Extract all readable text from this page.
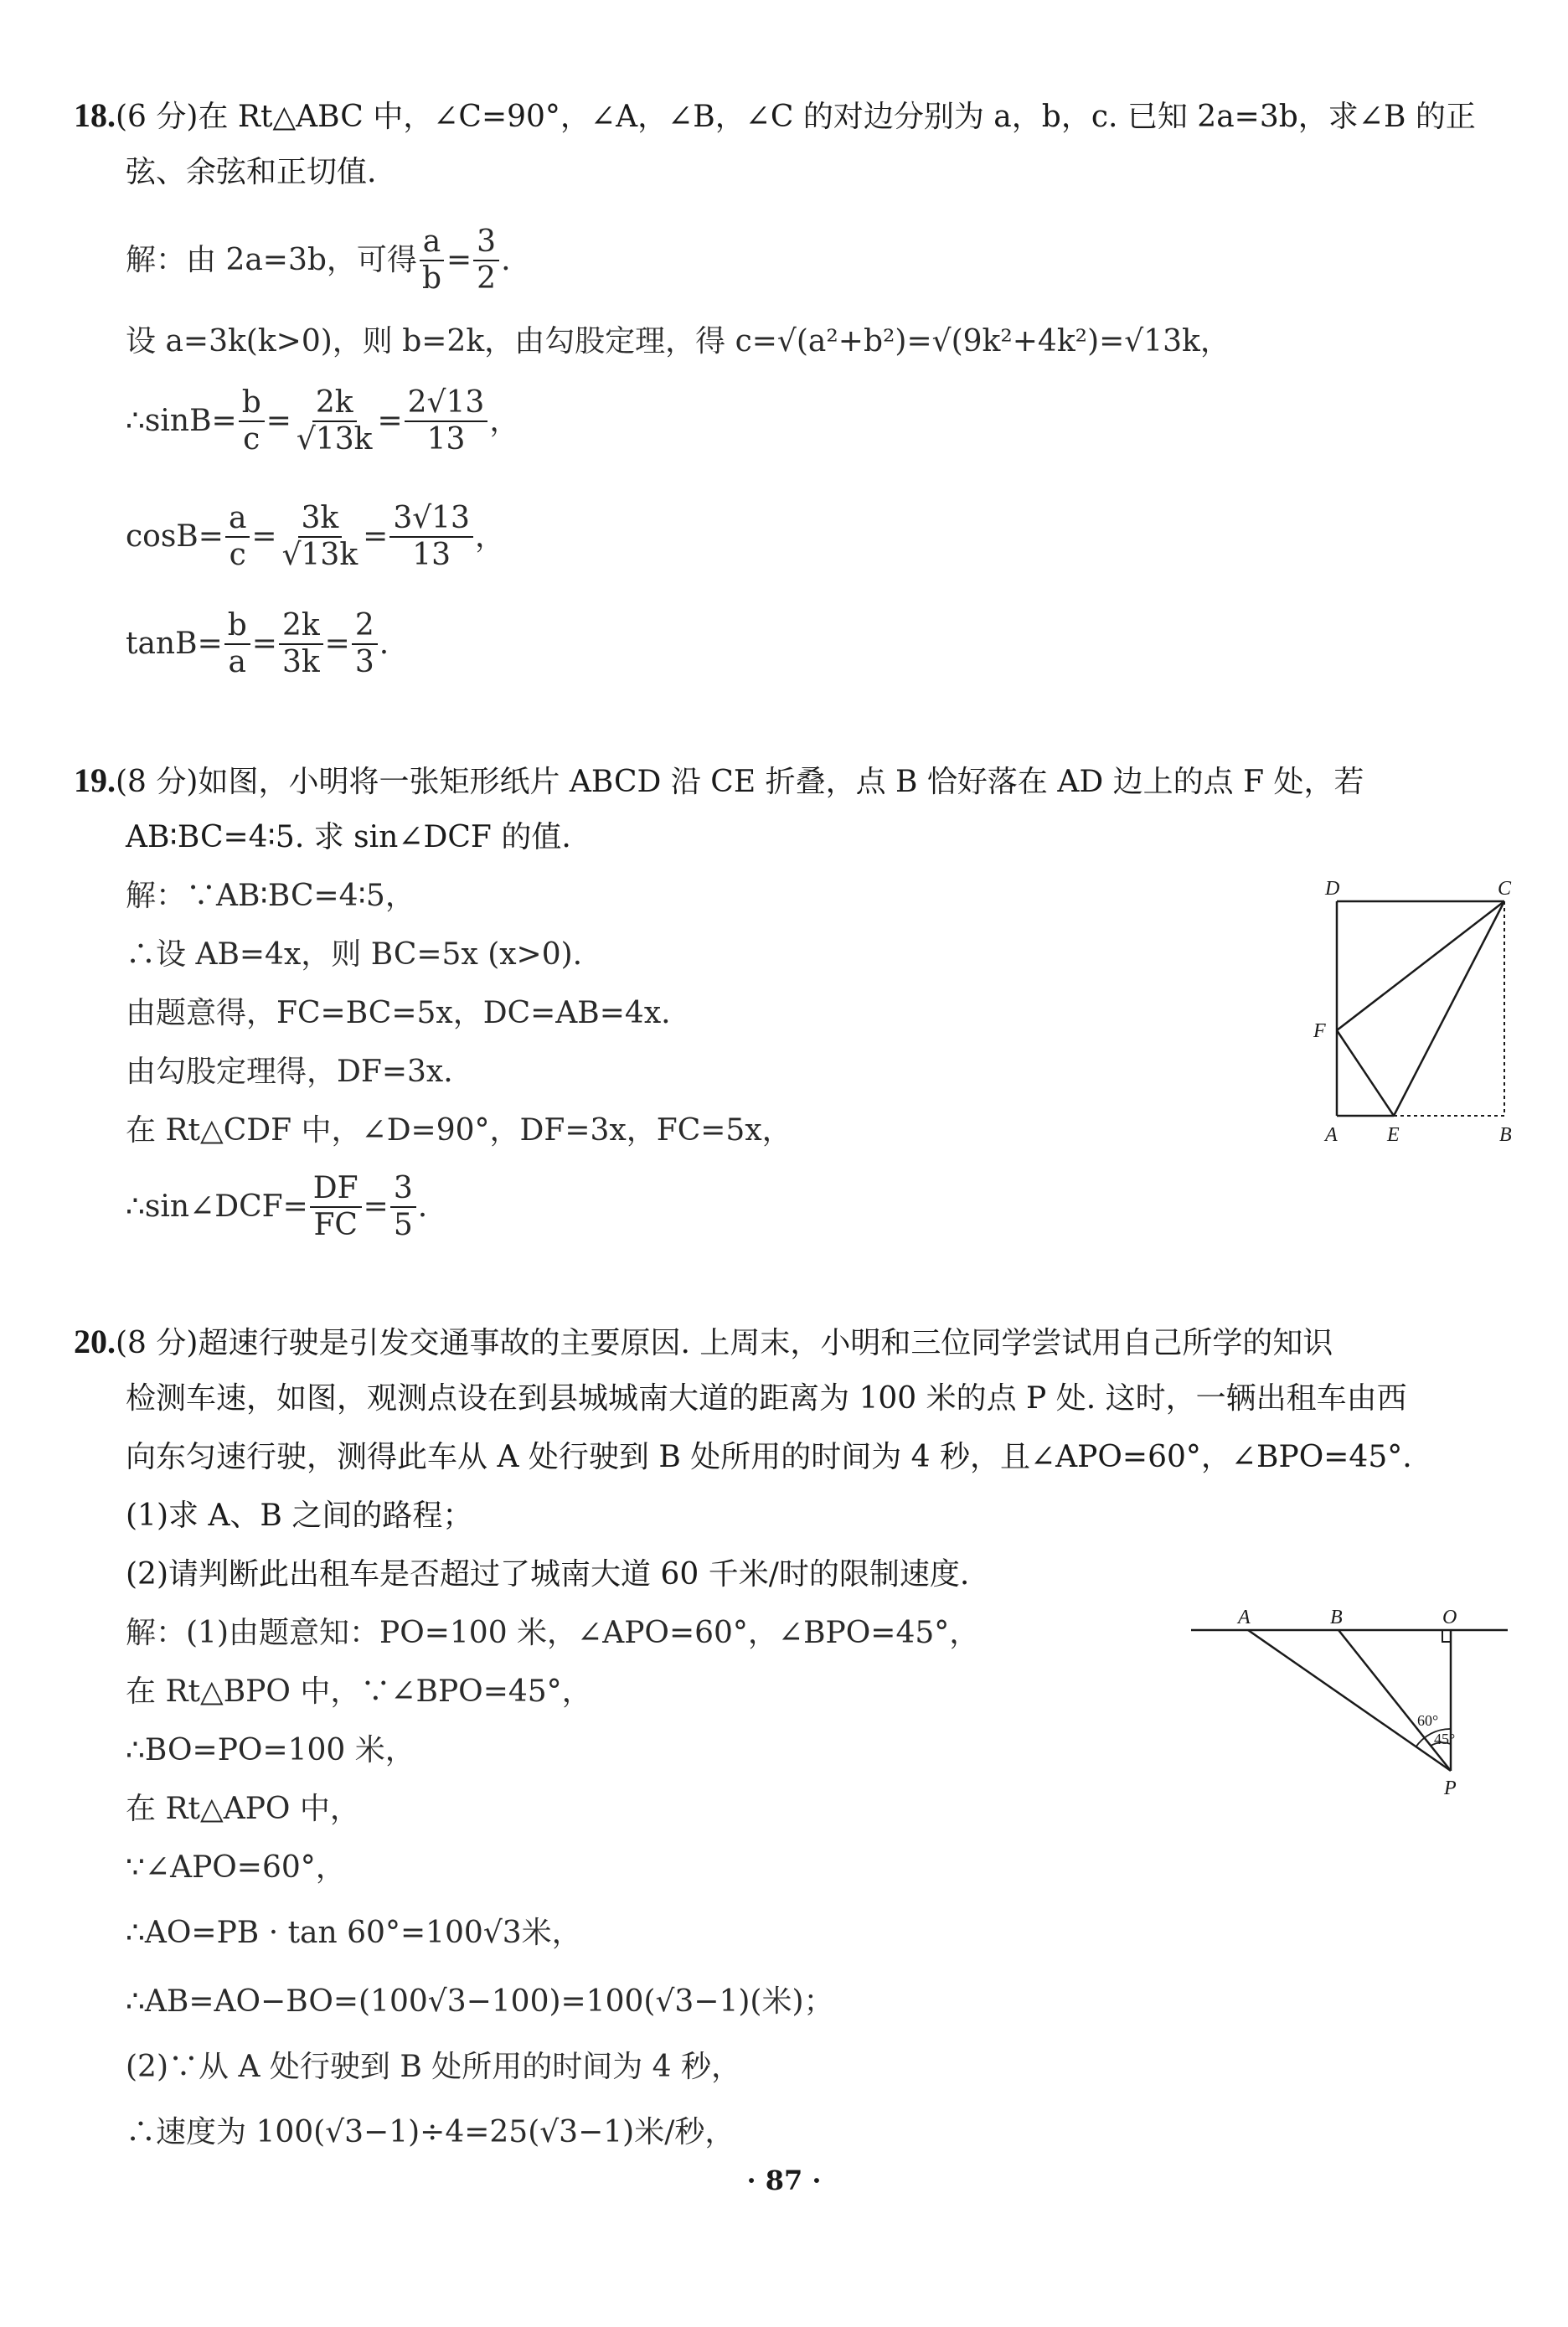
18.(6 分)在 Rt△ABC 中，∠C=90°，∠A，∠B，∠C 的对边分别为 a，b，c. 已知 2a=3b，求∠B 的正
弦、余弦和正切值.
解：由 2a=3b，可得 $\frac{a}{b} = \frac{3}{2}$ .
设 a=3k(k>0)，则 b=2k，由勾股定理，得 c=√(a²+b²)=√(9k²+4k²)=√13k，
∴sinB= $\frac{b}{c} = \frac{2k}{√13k} = \frac{2√13}{13}$ ，
$\cos B= \frac{a}{c} = \frac{3k}{√13k} = \frac{3√13}{13}$ ，
$\tan B= \frac{b}{a} = \frac{2k}{3k} = \frac{2}{3}$ .
19.(8 分)如图，小明将一张矩形纸片 ABCD 沿 CE 折叠，点 B 恰好落在 AD 边上的点 F 处，若
AB∶BC=4∶5. 求 sin∠DCF 的值.
解：∵AB∶BC=4∶5，
∴设 AB=4x，则 BC=5x (x>0).
由题意得，FC=BC=5x，DC=AB=4x.
由勾股定理得，DF=3x.
在 Rt△CDF 中，∠D=90°，DF=3x，FC=5x，
∴sin∠DCF= $\frac{DF}{FC} = \frac{3}{5}$ .
D	C
F
A E	B
20.(8 分)超速行驶是引发交通事故的主要原因. 上周末，小明和三位同学尝试用自己所学的知识
检测车速，如图，观测点设在到县城城南大道的距离为 100 米的点 P 处. 这时，一辆出租车由西
向东匀速行驶，测得此车从 A 处行驶到 B 处所用的时间为 4 秒，且∠APO=60°，∠BPO=45°.
(1)求 A、B 之间的路程；
(2)请判断此出租车是否超过了城南大道 60 千米/时的限制速度.
解：(1)由题意知：PO=100 米，∠APO=60°，∠BPO=45°，
在 Rt△BPO 中，∵∠BPO=45°，
∴BO=PO=100 米，
在 Rt△APO 中，
∵∠APO=60°，
∴AO=PB · tan 60°=100√3米，
∴AB=AO−BO=(100√3−100)=100(√3−1)(米)；
(2)∵从 A 处行驶到 B 处所用的时间为 4 秒，
∴速度为 100(√3−1)÷4=25(√3−1)米/秒，
A	B	O
P
60°
45°
· 87 ·
